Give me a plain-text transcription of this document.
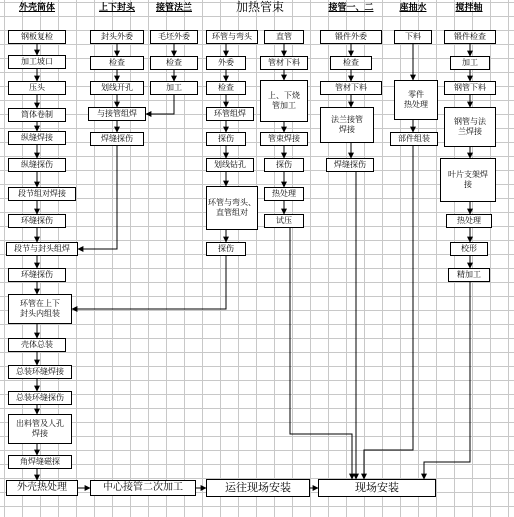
外壳筒体	上下封头	接管法兰	加热管束	接管一、二	座抽水	搅拌轴
钢板复检
加工坡口
压头
筒体卷制
纵缝焊接
纵缝探伤
段节组对焊接
环缝探伤
段节与封头组焊
环缝探伤
环管在上下
封头内组装
壳体总装
总装环缝焊接
总装环缝探伤
出料管及人孔
焊接
角焊缝磁探
封头外委
检查
划线开孔
与接管组焊
焊缝探伤
毛坯外委
检查
加工
环管与弯头
外委
检查
环管组焊
探伤
划线钻孔
环管与弯头、直管组对
探伤
直管
管材下料
上、下烧
管加工
管束焊接
探伤
热处理
试压
锻件外委
检查
管材下料
法兰接管
焊接
焊缝探伤
下料
零件
热处理
部件组装
锻件检查
加工
钢管下料
钢管与法
兰焊接
叶片支架焊
接
热处理
校形
精加工
外壳热处理	中心接管二次加工	运往现场安装	现场安装
